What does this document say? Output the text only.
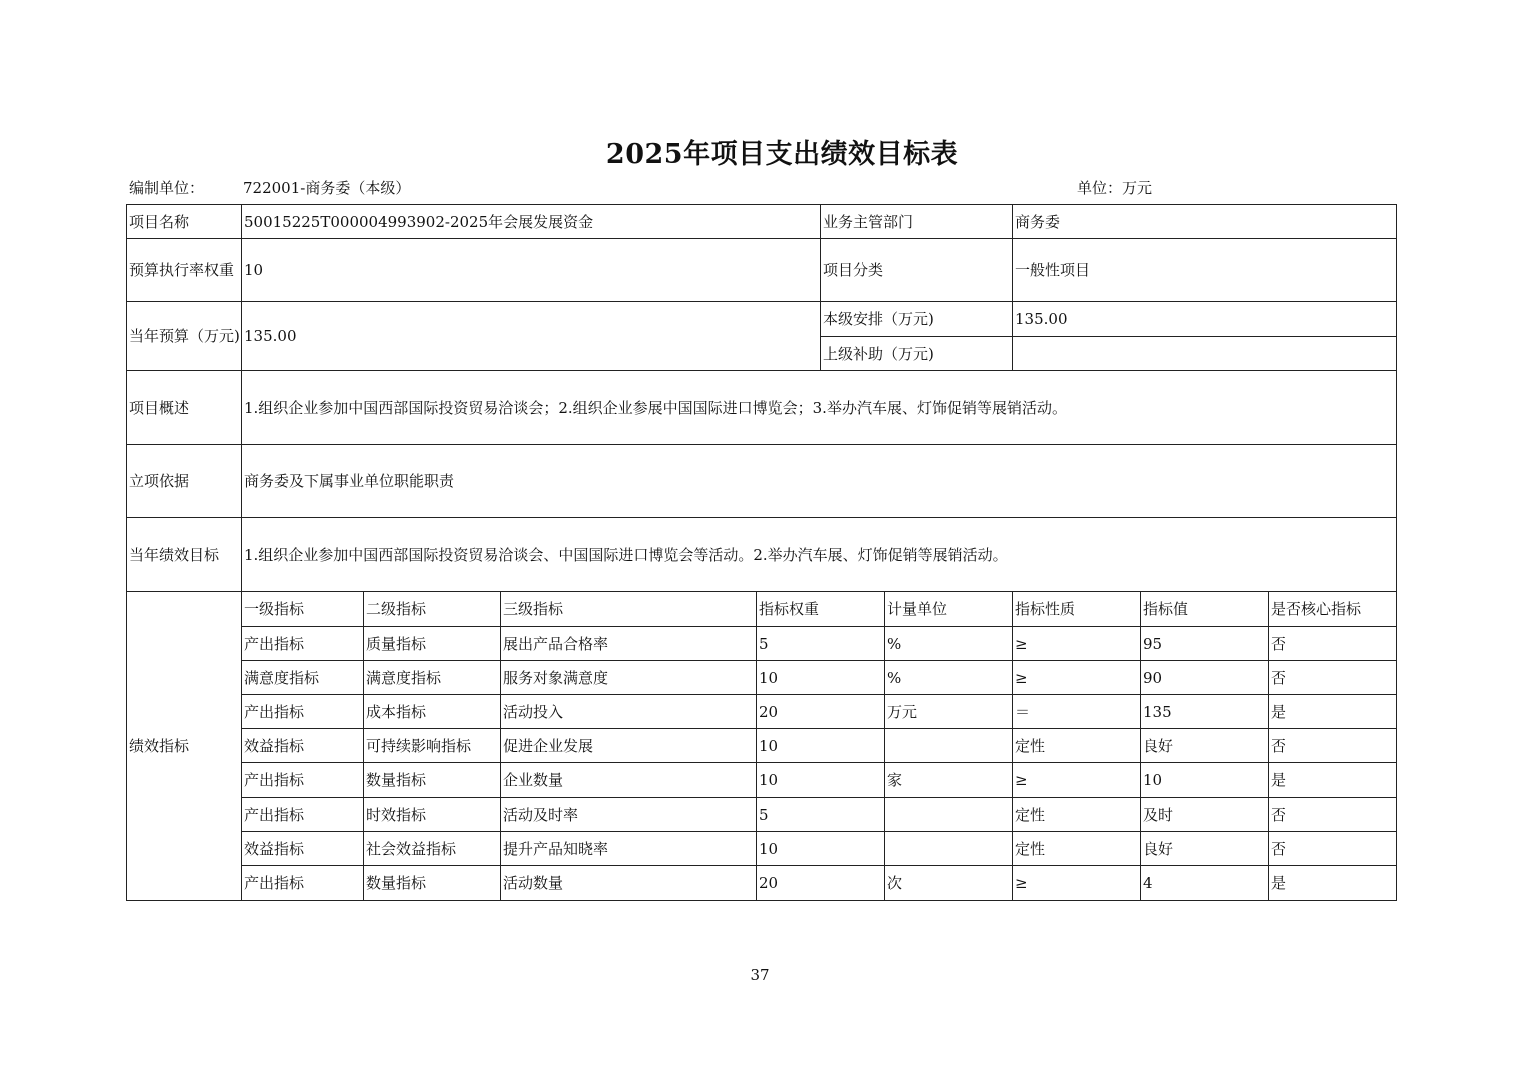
2025年项目支出绩效目标表
编制单位：	722001-商务委（本级）	单位：万元
项目名称	50015225T000004993902-2025年会展发展资金				业务主管部门		商务委		
预算执行率权重	10				项目分类		一般性项目		
当年预算（万元)	135.00				本级安排（万元)		135.00		
					上级补助（万元)				
项目概述	1.组织企业参加中国西部国际投资贸易洽谈会；2.组织企业参展中国国际进口博览会；3.举办汽车展、灯饰促销等展销活动。								
立项依据	商务委及下属事业单位职能职责								
当年绩效目标	1.组织企业参加中国西部国际投资贸易洽谈会、中国国际进口博览会等活动。2.举办汽车展、灯饰促销等展销活动。								
绩效指标	一级指标	二级指标	三级指标	指标权重		计量单位	指标性质	指标值	是否核心指标
	产出指标	质量指标	展出产品合格率	5		%	≥	95	否
	满意度指标	满意度指标	服务对象满意度	10		%	≥	90	否
	产出指标	成本指标	活动投入	20		万元	＝	135	是
	效益指标	可持续影响指标	促进企业发展	10			定性	良好	否
	产出指标	数量指标	企业数量	10		家	≥	10	是
	产出指标	时效指标	活动及时率	5			定性	及时	否
	效益指标	社会效益指标	提升产品知晓率	10			定性	良好	否
	产出指标	数量指标	活动数量	20		次	≥	4	是
37
